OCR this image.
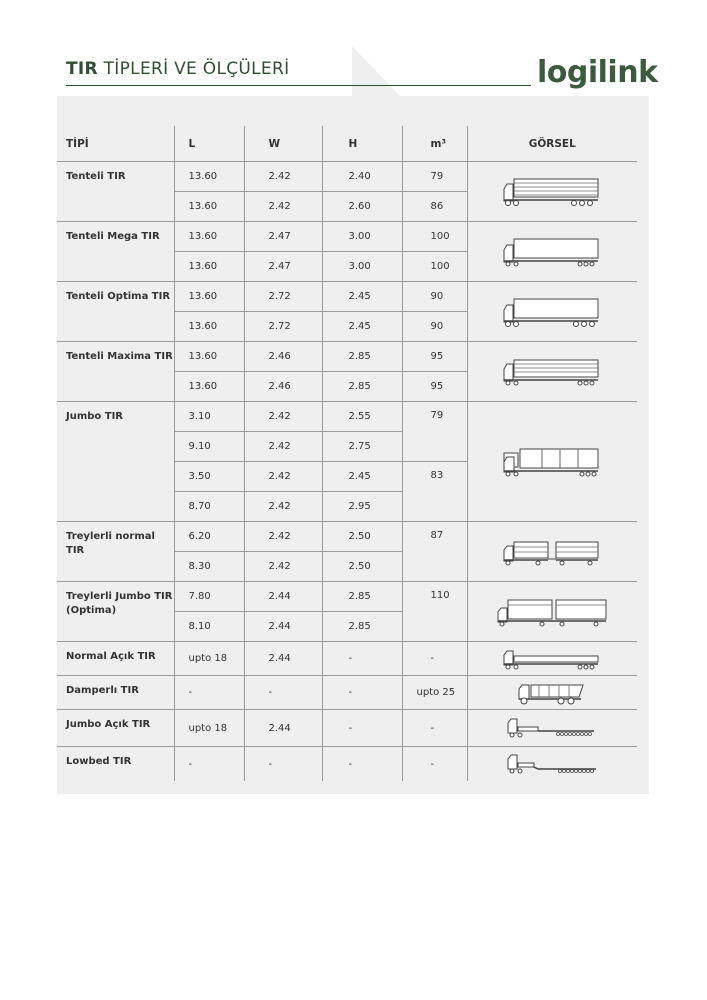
TIR TİPLERİ VE ÖLÇÜLERİ	logilink
TİPİ	L	W	H	m³	GÖRSEL
Tenteli TIR	13.60	2.42	2.40	79	
	13.60	2.42	2.60	86	
Tenteli Mega TIR	13.60	2.47	3.00	100	
	13.60	2.47	3.00	100	
Tenteli Optima TIR	13.60	2.72	2.45	90	
	13.60	2.72	2.45	90	
Tenteli Maxima TIR	13.60	2.46	2.85	95	
	13.60	2.46	2.85	95	
Jumbo TIR	3.10	2.42	2.55	79	
	9.10	2.42	2.75		
	3.50	2.42	2.45	83	
	8.70	2.42	2.95		
Treylerli normal TIR	6.20	2.42	2.50	87	
	8.30	2.42	2.50		
Treylerli Jumbo TIR
(Optima)	7.80	2.44	2.85	110	
	8.10	2.44	2.85		
Normal Açık TIR	upto 18	2.44	-	-	
Damperlı TIR	-	-	-	upto 25	
Jumbo Açık TIR	upto 18	2.44	-	-	
Lowbed TIR	-	-	-	-	
